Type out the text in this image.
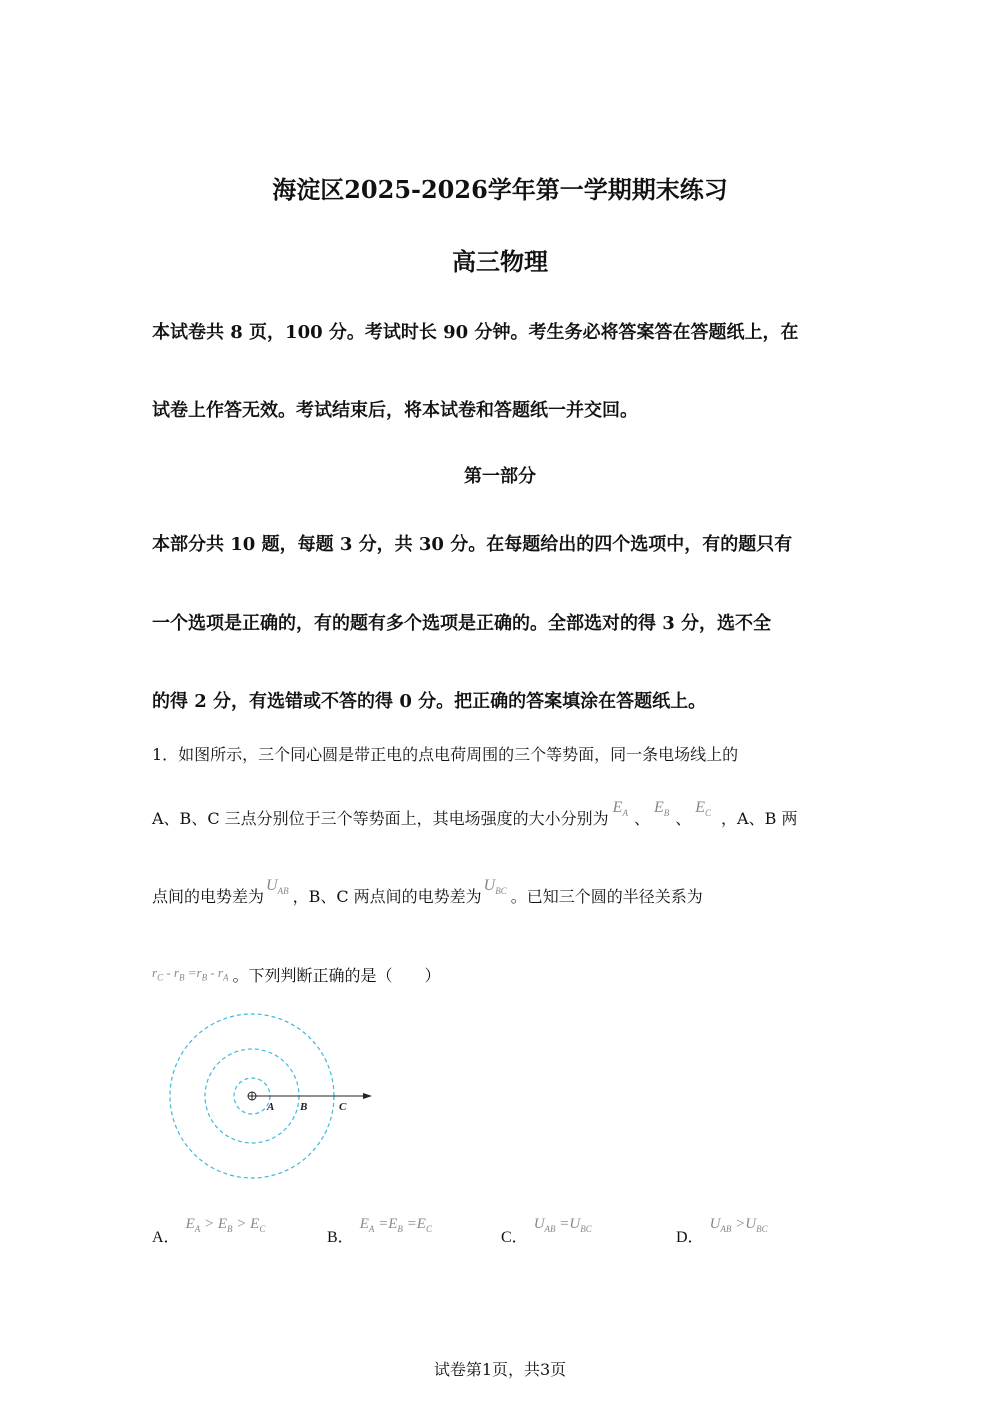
海淀区2025-2026学年第一学期期末练习
高三物理
本试卷共 8 页，100 分。考试时长 90 分钟。考生务必将答案答在答题纸上，在
试卷上作答无效。考试结束后，将本试卷和答题纸一并交回。
第一部分
本部分共 10 题，每题 3 分，共 30 分。在每题给出的四个选项中，有的题只有
一个选项是正确的，有的题有多个选项是正确的。全部选对的得 3 分，选不全
的得 2 分，有选错或不答的得 0 分。把正确的答案填涂在答题纸上。
1．如图所示，三个同心圆是带正电的点电荷周围的三个等势面，同一条电场线上的
A、B、C 三点分别位于三个等势面上，其电场强度的大小分别为$E_A$ 、$E_B$ 、$E_C$ ，A、B 两
点间的电势差为$U_{AB}$ ，B、C 两点间的电势差为$U_{BC}$ 。已知三个圆的半径关系为
$^{r_C - r_B =r_B - r_A}$ 。下列判断正确的是（　　）
A B	C
A．$E_A > E_B > E_C$	B．$E_A =E_B =E_C$	C．$U_{AB} =U_{BC}$	D．$U_{AB} >U_{BC}$
试卷第1页，共3页
